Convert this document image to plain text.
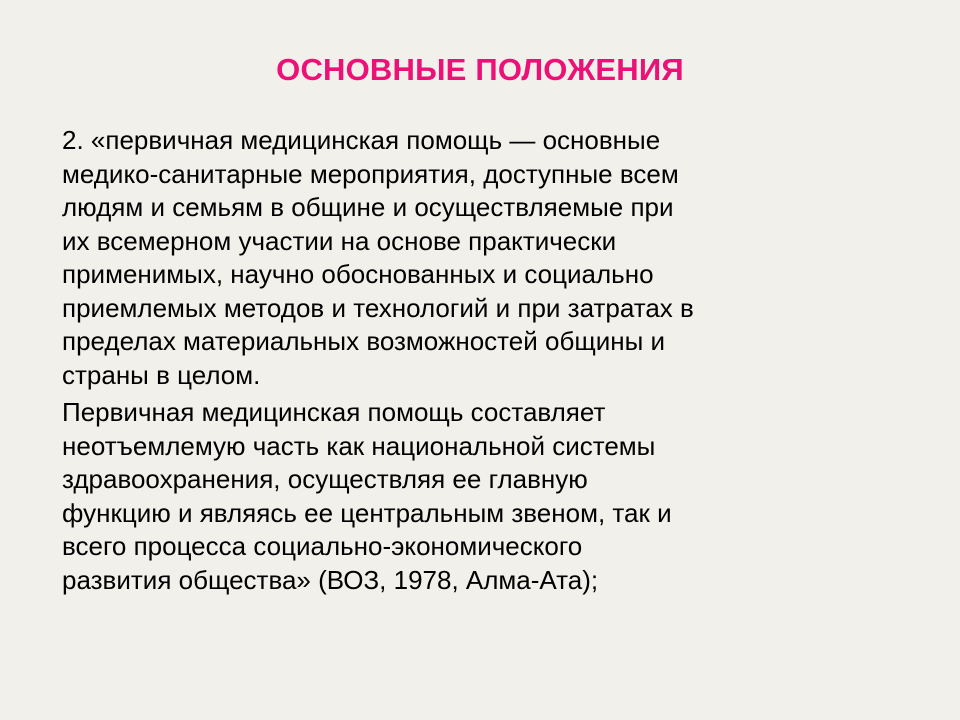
ОСНОВНЫЕ ПОЛОЖЕНИЯ

2. «первичная медицинская помощь — основные
медико-санитарные мероприятия, доступные всем
людям и семьям в общине и осуществляемые при
их всемерном участии на основе практически
применимых, научно обоснованных и социально
приемлемых методов и технологий и при затратах в
пределах материальных возможностей общины и
страны в целом.

Первичная медицинская помощь составляет
неотъемлемую часть как национальной системы
здравоохранения, осуществляя ее главную
функцию и являясь ее центральным звеном, так и
всего процесса социально-экономического
развития общества» (ВОЗ, 1978, Алма-Ата);
